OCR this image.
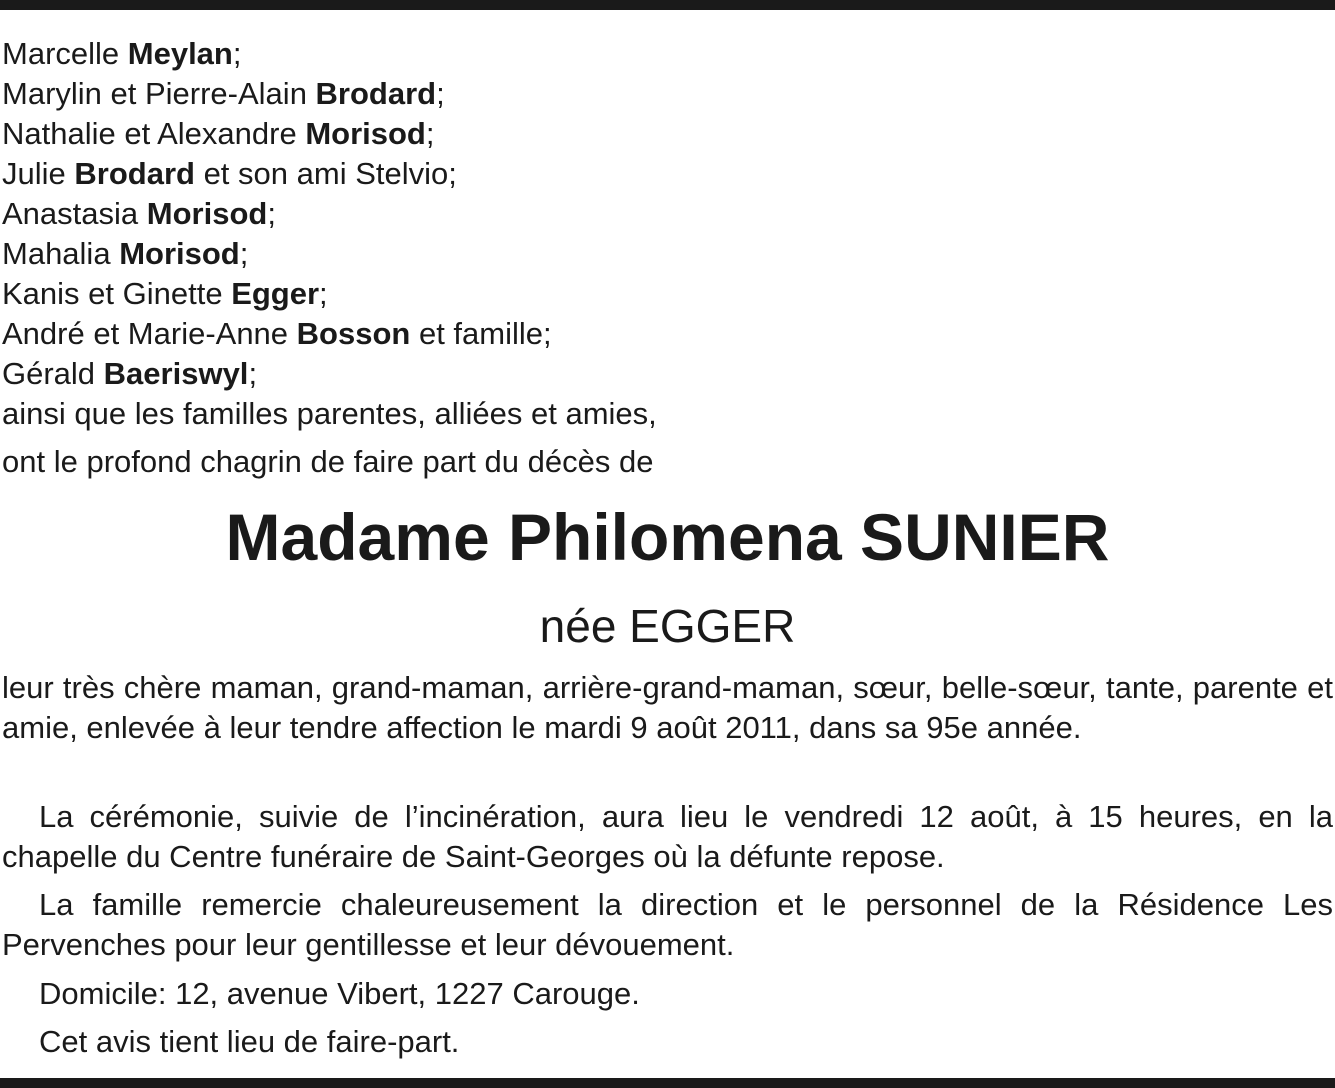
Marcelle Meylan;
Marylin et Pierre-Alain Brodard;
Nathalie et Alexandre Morisod;
Julie Brodard et son ami Stelvio;
Anastasia Morisod;
Mahalia Morisod;
Kanis et Ginette Egger;
André et Marie-Anne Bosson et famille;
Gérald Baeriswyl;
ainsi que les familles parentes, alliées et amies,
ont le profond chagrin de faire part du décès de
Madame Philomena SUNIER
née EGGER
leur très chère maman, grand-maman, arrière-grand-maman, sœur, belle-sœur, tante, parente et amie, enlevée à leur tendre affection le mardi 9 août 2011, dans sa 95e année.
La cérémonie, suivie de l’incinération, aura lieu le vendredi 12 août, à 15 heures, en la chapelle du Centre funéraire de Saint-Georges où la défunte repose.
La famille remercie chaleureusement la direction et le personnel de la Résidence Les Pervenches pour leur gentillesse et leur dévouement.
Domicile: 12, avenue Vibert, 1227 Carouge.
Cet avis tient lieu de faire-part.
